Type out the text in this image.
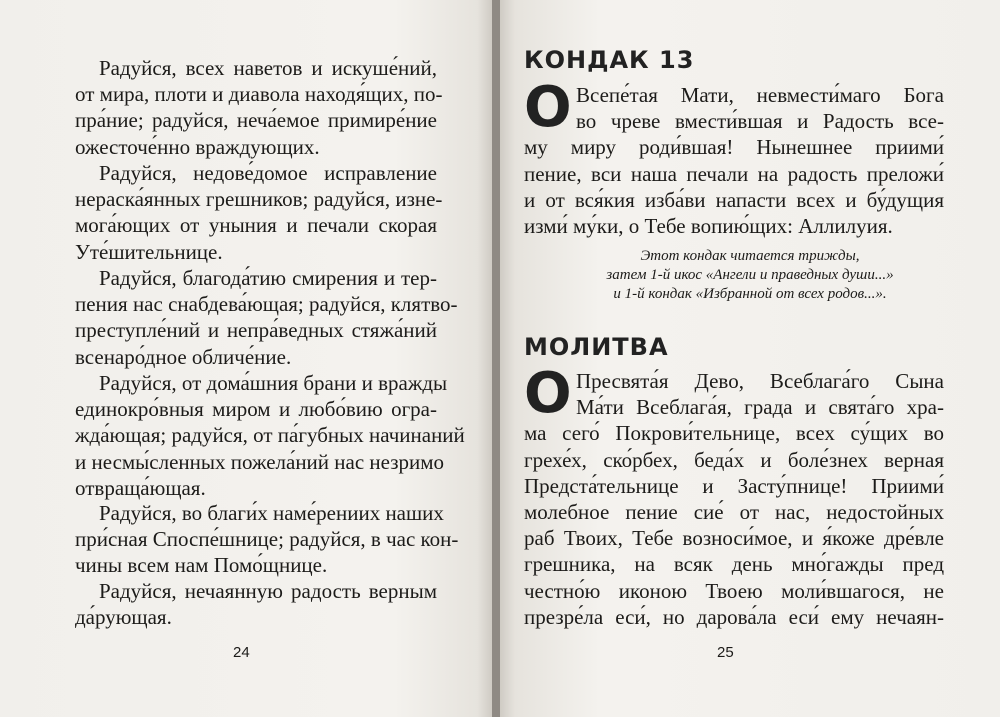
Радуйся, всех наветов и искуше́ний,
от мира, плоти и диавола находя́щих, по-
пра́ние; радуйся, неча́емое примире́ние
ожесточе́нно враждующих.
Радуйся, недове́домое исправление
нераска́янных грешников; радуйся, изне-
мога́ющих от уныния и печали скорая
Уте́шительнице.
Радуйся, благода́тию смирения и тер-
пения нас снабдева́ющая; радуйся, клятво-
преступле́ний и непра́ведных стяжа́ний
всенаро́дное обличе́ние.
Радуйся, от дома́шния брани и вражды
единокро́вныя миром и любо́вию огра-
жда́ющая; радуйся, от па́губных начинаний
и несмы́сленных пожела́ний нас незримо
отвраща́ющая.
Радуйся, во благи́х наме́рениих наших
при́сная Споспе́шнице; радуйся, в час кон-
чины всем нам Помо́щнице.
Радуйся, нечаянную радость верным
да́рующая.
24
КОНДАК 13
О Всепе́тая Мати, невмести́маго Бога
во чреве вмести́вшая и Радость все-
му миру роди́вшая! Нынешнее приими́
пение, вси наша печали на радость преложи́
и от вся́кия изба́ви напасти всех и бу́дущия
изми́ му́ки, о Тебе вопию́щих: Аллилуия.
Этот кондак читается трижды,
затем 1-й икос «Ангели и праведных души...»
и 1-й кондак «Избранной от всех родов...».
МОЛИТВА
О Пресвята́я Дево, Всеблага́го Сына
Ма́ти Всеблага́я, града и свята́го хра-
ма сего́ Покрови́тельнице, всех су́щих во
грехе́х, ско́рбех, беда́х и боле́знех верная
Предста́тельнице и Засту́пнице! Приими́
молебное пение сие́ от нас, недостойных
раб Твоих, Тебе возноси́мое, и я́коже дре́вле
грешника, на всяк день мно́гажды пред
честно́ю иконою Твоею моли́вшагося, не
презре́ла еси́, но дарова́ла еси́ ему нечаян-
25
